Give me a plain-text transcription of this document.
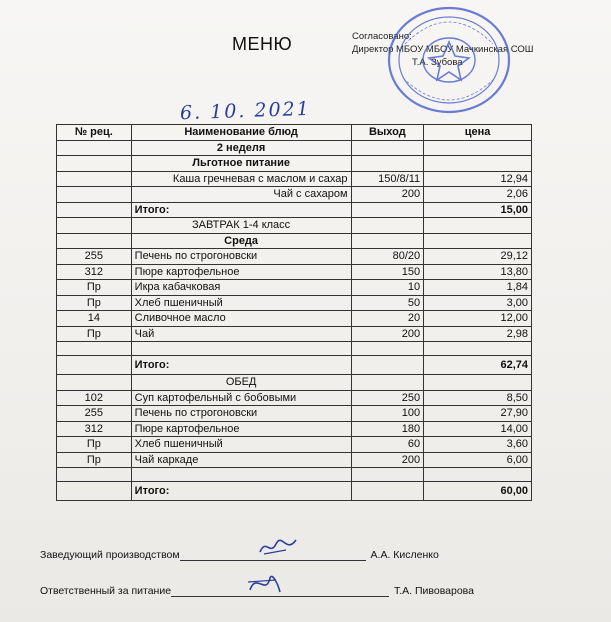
МЕНЮ	Согласовано:
Директор МБОУ МБОУ Мачкинская СОШ
Т.А. Зубова
6. 10. 2021
№ рец.	Наименование блюд	Выход	цена
	2 неделя		
	Льготное питание		
	Каша гречневая с маслом и сахар	150/8/11	12,94
	Чай с сахаром	200	2,06
	Итого:		15,00
	ЗАВТРАК 1-4 класс		
	Среда		
255	Печень по строгоновски	80/20	29,12
312	Пюре картофельное	150	13,80
Пр	Икра кабачковая	10	1,84
Пр	Хлеб пшеничный	50	3,00
14	Сливочное масло	20	12,00
Пр	Чай	200	2,98

	Итого:		62,74
	ОБЕД		
102	Суп картофельный с бобовыми	250	8,50
255	Печень по строгоновски	100	27,90
312	Пюре картофельное	180	14,00
Пр	Хлеб пшеничный	60	3,60
Пр	Чай каркаде	200	6,00

	Итого:		60,00
Заведующий производством	А.А. Кисленко
Ответственный за питание	Т.А. Пивоварова
